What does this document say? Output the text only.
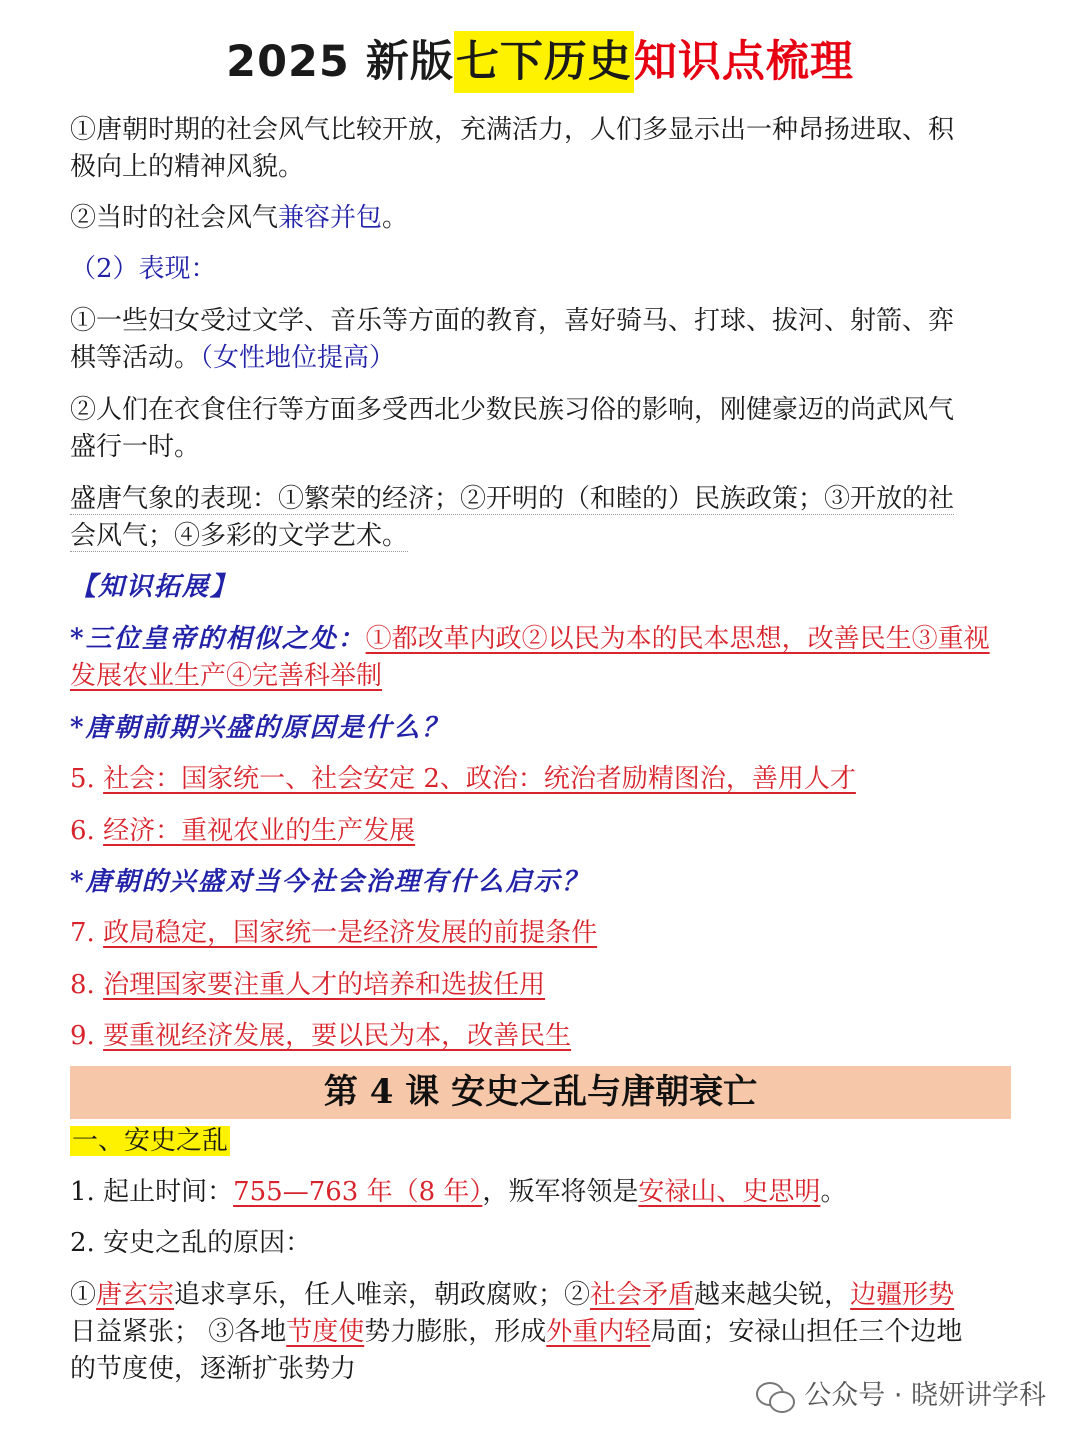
2025 新版七下历史知识点梳理
①唐朝时期的社会风气比较开放，充满活力，人们多显示出一种昂扬进取、积
极向上的精神风貌。
②当时的社会风气兼容并包。
（2）表现：
①一些妇女受过文学、音乐等方面的教育，喜好骑马、打球、拔河、射箭、弈
棋等活动。（女性地位提高）
②人们在衣食住行等方面多受西北少数民族习俗的影响，刚健豪迈的尚武风气
盛行一时。
盛唐气象的表现：①繁荣的经济；②开明的（和睦的）民族政策；③开放的社
会风气；④多彩的文学艺术。
【知识拓展】
*三位皇帝的相似之处：①都改革内政②以民为本的民本思想，改善民生③重视
发展农业生产④完善科举制
*唐朝前期兴盛的原因是什么？
5. 社会：国家统一、社会安定 2、政治：统治者励精图治，善用人才
6. 经济：重视农业的生产发展
*唐朝的兴盛对当今社会治理有什么启示？
7. 政局稳定，国家统一是经济发展的前提条件
8. 治理国家要注重人才的培养和选拔任用
9. 要重视经济发展，要以民为本，改善民生
第 4 课 安史之乱与唐朝衰亡
一、安史之乱
1. 起止时间：755—763 年（8 年），叛军将领是安禄山、史思明。
2. 安史之乱的原因：
①唐玄宗追求享乐，任人唯亲，朝政腐败；②社会矛盾越来越尖锐，边疆形势
日益紧张； ③各地节度使势力膨胀，形成外重内轻局面；安禄山担任三个边地
的节度使，逐渐扩张势力
公众号 · 晓妍讲学科
